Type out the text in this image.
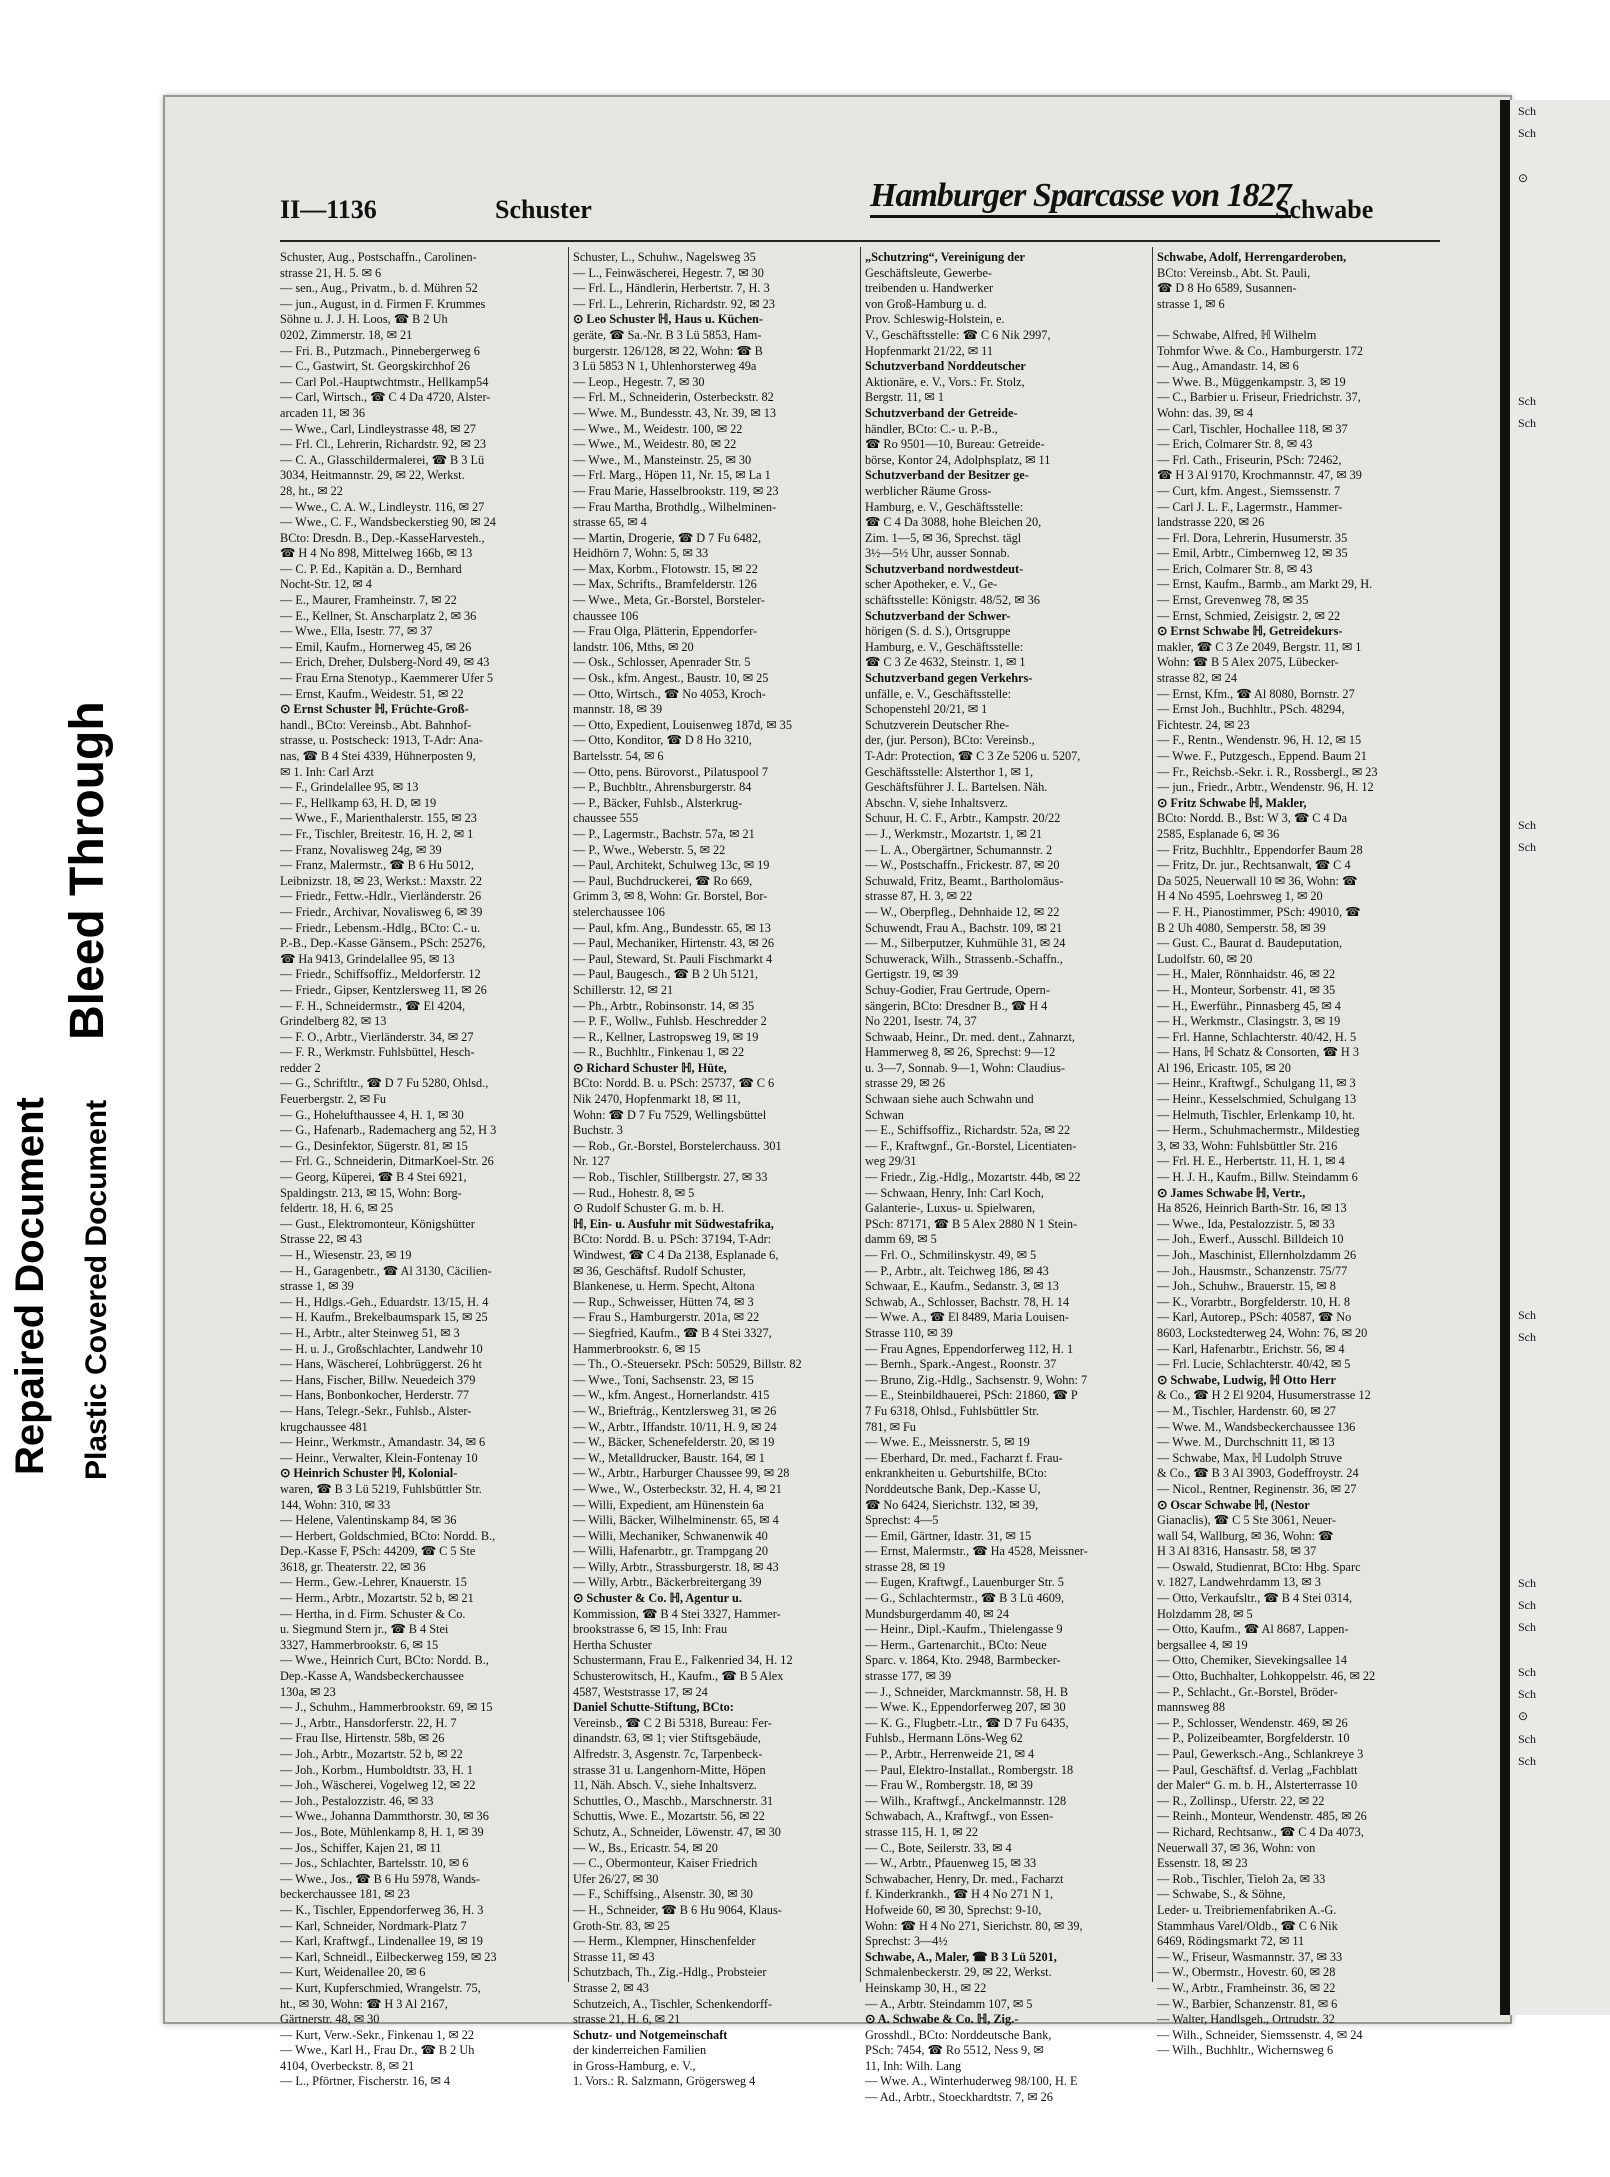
Repaired Document Plastic Covered Document
Bleed Through
II—1136	Schuster	Hamburger Sparcasse von 1827
Schwabe
Schuster, Aug., Postschaffn., Carolinen-
strasse 21, H. 5. ✉ 6
— sen., Aug., Privatm., b. d. Mühren 52
— jun., August, in d. Firmen F. Krummes
Söhne u. J. J. H. Loos, ☎ B 2 Uh
0202, Zimmerstr. 18, ✉ 21
— Fri. B., Putzmach., Pinnebergerweg 6
— C., Gastwirt, St. Georgskirchhof 26
— Carl Pol.-Hauptwchtmstr., Hellkamp54
— Carl, Wirtsch., ☎ C 4 Da 4720, Alster-
arcaden 11, ✉ 36
— Wwe., Carl, Lindleystrasse 48, ✉ 27
— Frl. Cl., Lehrerin, Richardstr. 92, ✉ 23
— C. A., Glasschildermalerei, ☎ B 3 Lü
3034, Heitmannstr. 29, ✉ 22, Werkst.
28, ht., ✉ 22
— Wwe., C. A. W., Lindleystr. 116, ✉ 27
— Wwe., C. F., Wandsbeckerstieg 90, ✉ 24
BCto: Dresdn. B., Dep.-KasseHarvesteh.,
☎ H 4 No 898, Mittelweg 166b, ✉ 13
— C. P. Ed., Kapitän a. D., Bernhard
Nocht-Str. 12, ✉ 4
— E., Maurer, Framheinstr. 7, ✉ 22
— E., Kellner, St. Anscharplatz 2, ✉ 36
— Wwe., Ella, Isestr. 77, ✉ 37
— Emil, Kaufm., Hornerweg 45, ✉ 26
— Erich, Dreher, Dulsberg-Nord 49, ✉ 43
— Frau Erna Stenotyp., Kaemmerer Ufer 5
— Ernst, Kaufm., Weidestr. 51, ✉ 22
⊙ Ernst Schuster ℍ, Früchte-Groß-
handl., BCto: Vereinsb., Abt. Bahnhof-
strasse, u. Postscheck: 1913, T-Adr: Ana-
nas, ☎ B 4 Stei 4339, Hühnerposten 9,
✉ 1. Inh: Carl Arzt
— F., Grindelallee 95, ✉ 13
— F., Hellkamp 63, H. D, ✉ 19
— Wwe., F., Marienthalerstr. 155, ✉ 23
— Fr., Tischler, Breitestr. 16, H. 2, ✉ 1
— Franz, Novalisweg 24g, ✉ 39
— Franz, Malermstr., ☎ B 6 Hu 5012,
Leibnizstr. 18, ✉ 23, Werkst.: Maxstr. 22
— Friedr., Fettw.-Hdlr., Vierländerstr. 26
— Friedr., Archivar, Novalisweg 6, ✉ 39
— Friedr., Lebensm.-Hdlg., BCto: C.- u.
P.-B., Dep.-Kasse Gänsem., PSch: 25276,
☎ Ha 9413, Grindelallee 95, ✉ 13
— Friedr., Schiffsoffiz., Meldorferstr. 12
— Friedr., Gipser, Kentzlersweg 11, ✉ 26
— F. H., Schneidermstr., ☎ El 4204,
Grindelberg 82, ✉ 13
— F. O., Arbtr., Vierländerstr. 34, ✉ 27
— F. R., Werkmstr. Fuhlsbüttel, Hesch-
redder 2
— G., Schriftltr., ☎ D 7 Fu 5280, Ohlsd.,
Feuerbergstr. 2, ✉ Fu
— G., Hohelufthaussee 4, H. 1, ✉ 30
— G., Hafenarb., Rademacherg ang 52, H 3
— G., Desinfektor, Sügerstr. 81, ✉ 15
— Frl. G., Schneiderin, DitmarKoel-Str. 26
— Georg, Küperei, ☎ B 4 Stei 6921,
Spaldingstr. 213, ✉ 15, Wohn: Borg-
feldertr. 18, H. 6, ✉ 25
— Gust., Elektromonteur, Königshütter
Strasse 22, ✉ 43
— H., Wiesenstr. 23, ✉ 19
— H., Garagenbetr., ☎ Al 3130, Cäcilien-
strasse 1, ✉ 39
— H., Hdlgs.-Geh., Eduardstr. 13/15, H. 4
— H. Kaufm., Brekelbaumspark 15, ✉ 25
— H., Arbtr., alter Steinweg 51, ✉ 3
— H. u. J., Großschlachter, Landwehr 10
— Hans, Wäschereí, Lohbrüggerst. 26 ht
— Hans, Fischer, Billw. Neuedeich 379
— Hans, Bonbonkocher, Herderstr. 77
— Hans, Telegr.-Sekr., Fuhlsb., Alster-
krugchaussee 481
— Heinr., Werkmstr., Amandastr. 34, ✉ 6
— Heinr., Verwalter, Klein-Fontenay 10
⊙ Heinrich Schuster ℍ, Kolonial-
waren, ☎ B 3 Lü 5219, Fuhlsbüttler Str.
144, Wohn: 310, ✉ 33
— Helene, Valentinskamp 84, ✉ 36
— Herbert, Goldschmied, BCto: Nordd. B.,
Dep.-Kasse F, PSch: 44209, ☎ C 5 Ste
3618, gr. Theaterstr. 22, ✉ 36
— Herm., Gew.-Lehrer, Knauerstr. 15
— Herm., Arbtr., Mozartstr. 52 b, ✉ 21
— Hertha, in d. Firm. Schuster & Co.
u. Siegmund Stern jr., ☎ B 4 Stei
3327, Hammerbrookstr. 6, ✉ 15
— Wwe., Heinrich Curt, BCto: Nordd. B.,
Dep.-Kasse A, Wandsbeckerchaussee
130a, ✉ 23
— J., Schuhm., Hammerbrookstr. 69, ✉ 15
— J., Arbtr., Hansdorferstr. 22, H. 7
— Frau Ilse, Hirtenstr. 58b, ✉ 26
— Joh., Arbtr., Mozartstr. 52 b, ✉ 22
— Joh., Korbm., Humboldtstr. 33, H. 1
— Joh., Wäscherei, Vogelweg 12, ✉ 22
— Joh., Pestalozzistr. 46, ✉ 33
— Wwe., Johanna Dammthorstr. 30, ✉ 36
— Jos., Bote, Mühlenkamp 8, H. 1, ✉ 39
— Jos., Schiffer, Kajen 21, ✉ 11
— Jos., Schlachter, Bartelsstr. 10, ✉ 6
— Wwe., Jos., ☎ B 6 Hu 5978, Wands-
beckerchaussee 181, ✉ 23
— K., Tischler, Eppendorferweg 36, H. 3
— Karl, Schneider, Nordmark-Platz 7
— Karl, Kraftwgf., Lindenallee 19, ✉ 19
— Karl, Schneidl., Eilbeckerweg 159, ✉ 23
— Kurt, Weidenallee 20, ✉ 6
— Kurt, Kupferschmied, Wrangelstr. 75,
ht., ✉ 30, Wohn: ☎ H 3 Al 2167,
Gärtnerstr. 48, ✉ 30
— Kurt, Verw.-Sekr., Finkenau 1, ✉ 22
— Wwe., Karl H., Frau Dr., ☎ B 2 Uh
4104, Overbeckstr. 8, ✉ 21
— L., Pförtner, Fischerstr. 16, ✉ 4
Schuster, L., Schuhw., Nagelsweg 35
— L., Feinwäscherei, Hegestr. 7, ✉ 30
— Frl. L., Händlerin, Herbertstr. 7, H. 3
— Frl. L., Lehrerin, Richardstr. 92, ✉ 23
⊙ Leo Schuster ℍ, Haus u. Küchen-
geräte, ☎ Sa.-Nr. B 3 Lü 5853, Ham-
burgerstr. 126/128, ✉ 22, Wohn: ☎ B
3 Lü 5853 N 1, Uhlenhorsterweg 49a
— Leop., Hegestr. 7, ✉ 30
— Frl. M., Schneiderin, Osterbeckstr. 82
— Wwe. M., Bundesstr. 43, Nr. 39, ✉ 13
— Wwe., M., Weidestr. 100, ✉ 22
— Wwe., M., Weidestr. 80, ✉ 22
— Wwe., M., Mansteinstr. 25, ✉ 30
— Frl. Marg., Höpen 11, Nr. 15, ✉ La 1
— Frau Marie, Hasselbrookstr. 119, ✉ 23
— Frau Martha, Brothdlg., Wilhelminen-
strasse 65, ✉ 4
— Martin, Drogerie, ☎ D 7 Fu 6482,
Heidhörn 7, Wohn: 5, ✉ 33
— Max, Korbm., Flotowstr. 15, ✉ 22
— Max, Schrifts., Bramfelderstr. 126
— Wwe., Meta, Gr.-Borstel, Borsteler-
chaussee 106
— Frau Olga, Plätterin, Eppendorfer-
landstr. 106, Mths, ✉ 20
— Osk., Schlosser, Apenrader Str. 5
— Osk., kfm. Angest., Baustr. 10, ✉ 25
— Otto, Wirtsch., ☎ No 4053, Kroch-
mannstr. 18, ✉ 39
— Otto, Expedient, Louisenweg 187d, ✉ 35
— Otto, Konditor, ☎ D 8 Ho 3210,
Bartelsstr. 54, ✉ 6
— Otto, pens. Bürovorst., Pilatuspool 7
— P., Buchbltr., Ahrensburgerstr. 84
— P., Bäcker, Fuhlsb., Alsterkrug-
chaussee 555
— P., Lagermstr., Bachstr. 57a, ✉ 21
— P., Wwe., Weberstr. 5, ✉ 22
— Paul, Architekt, Schulweg 13c, ✉ 19
— Paul, Buchdruckerei, ☎ Ro 669,
Grimm 3, ✉ 8, Wohn: Gr. Borstel, Bor-
stelerchaussee 106
— Paul, kfm. Ang., Bundesstr. 65, ✉ 13
— Paul, Mechaniker, Hirtenstr. 43, ✉ 26
— Paul, Steward, St. Pauli Fischmarkt 4
— Paul, Baugesch., ☎ B 2 Uh 5121,
Schillerstr. 12, ✉ 21
— Ph., Arbtr., Robinsonstr. 14, ✉ 35
— P. F., Wollw., Fuhlsb. Heschredder 2
— R., Kellner, Lastropsweg 19, ✉ 19
— R., Buchhltr., Finkenau 1, ✉ 22
⊙ Richard Schuster ℍ, Hüte,
BCto: Nordd. B. u. PSch: 25737, ☎ C 6
Nik 2470, Hopfenmarkt 18, ✉ 11,
Wohn: ☎ D 7 Fu 7529, Wellingsbüttel
Buchstr. 3
— Rob., Gr.-Borstel, Borstelerchauss. 301
Nr. 127
— Rob., Tischler, Stillbergstr. 27, ✉ 33
— Rud., Hohestr. 8, ✉ 5
⊙ Rudolf Schuster G. m. b. H.
ℍ, Ein- u. Ausfuhr mit Südwestafrika,
BCto: Nordd. B. u. PSch: 37194, T-Adr:
Windwest, ☎ C 4 Da 2138, Esplanade 6,
✉ 36, Geschäftsf. Rudolf Schuster,
Blankenese, u. Herm. Specht, Altona
— Rup., Schweisser, Hütten 74, ✉ 3
— Frau S., Hamburgerstr. 201a, ✉ 22
— Siegfried, Kaufm., ☎ B 4 Stei 3327,
Hammerbrookstr. 6, ✉ 15
— Th., O.-Steuersekr. PSch: 50529, Billstr. 82
— Wwe., Toni, Sachsenstr. 23, ✉ 15
— W., kfm. Angest., Hornerlandstr. 415
— W., Brieftrág., Kentzlersweg 31, ✉ 26
— W., Arbtr., Iffandstr. 10/11, H. 9, ✉ 24
— W., Bäcker, Schenefelderstr. 20, ✉ 19
— W., Metalldrucker, Baustr. 164, ✉ 1
— W., Arbtr., Harburger Chaussee 99, ✉ 28
— Wwe., W., Osterbeckstr. 32, H. 4, ✉ 21
— Willi, Expedient, am Hünenstein 6a
— Willi, Bäcker, Wilhelminenstr. 65, ✉ 4
— Willi, Mechaniker, Schwanenwik 40
— Willi, Hafenarbtr., gr. Trampgang 20
— Willy, Arbtr., Strassburgerstr. 18, ✉ 43
— Willy, Arbtr., Bäckerbreitergang 39
⊙ Schuster & Co. ℍ, Agentur u.
Kommission, ☎ B 4 Stei 3327, Hammer-
brookstrasse 6, ✉ 15, Inh: Frau
Hertha Schuster
Schustermann, Frau E., Falkenried 34, H. 12
Schusterowitsch, H., Kaufm., ☎ B 5 Alex
4587, Weststrasse 17, ✉ 24
Daniel Schutte-Stiftung, BCto:
Vereinsb., ☎ C 2 Bi 5318, Bureau: Fer-
dinandstr. 63, ✉ 1; vier Stiftsgebäude,
Alfredstr. 3, Asgenstr. 7c, Tarpenbeck-
strasse 31 u. Langenhorn-Mitte, Höpen
11, Näh. Absch. V., siehe Inhaltsverz.
Schuttles, O., Maschb., Marschnerstr. 31
Schuttis, Wwe. E., Mozartstr. 56, ✉ 22
Schutz, A., Schneider, Löwenstr. 47, ✉ 30
— W., Bs., Ericastr. 54, ✉ 20
— C., Obermonteur, Kaiser Friedrich
Ufer 26/27, ✉ 30
— F., Schiffsing., Alsenstr. 30, ✉ 30
— H., Schneider, ☎ B 6 Hu 9064, Klaus-
Groth-Str. 83, ✉ 25
— Herm., Klempner, Hinschenfelder
Strasse 11, ✉ 43
Schutzbach, Th., Zig.-Hdlg., Probsteier
Strasse 2, ✉ 43
Schutzeich, A., Tischler, Schenkendorff-
strasse 21, H. 6, ✉ 21
Schutz- und Notgemeinschaft
der kinderreichen Familien
in Gross-Hamburg, e. V.,
1. Vors.: R. Salzmann, Grögersweg 4
„Schutzring“, Vereinigung der
Geschäftsleute, Gewerbe-
treibenden u. Handwerker
von Groß-Hamburg u. d.
Prov. Schleswig-Holstein, e.
V., Geschäftsstelle: ☎ C 6 Nik 2997,
Hopfenmarkt 21/22, ✉ 11
Schutzverband Norddeutscher
Aktionäre, e. V., Vors.: Fr. Stolz,
Bergstr. 11, ✉ 1
Schutzverband der Getreide-
händler, BCto: C.- u. P.-B.,
☎ Ro 9501—10, Bureau: Getreide-
börse, Kontor 24, Adolphsplatz, ✉ 11
Schutzverband der Besitzer ge-
werblicher Räume Gross-
Hamburg, e. V., Geschäftsstelle:
☎ C 4 Da 3088, hohe Bleichen 20,
Zim. 1—5, ✉ 36, Sprechst. tägl
3½—5½ Uhr, ausser Sonnab.
Schutzverband nordwestdeut-
scher Apotheker, e. V., Ge-
schäftsstelle: Königstr. 48/52, ✉ 36
Schutzverband der Schwer-
hörigen (S. d. S.), Ortsgruppe
Hamburg, e. V., Geschäftsstelle:
☎ C 3 Ze 4632, Steinstr. 1, ✉ 1
Schutzverband gegen Verkehrs-
unfälle, e. V., Geschäftsstelle:
Schopenstehl 20/21, ✉ 1
Schutzverein Deutscher Rhe-
der, (jur. Person), BCto: Vereinsb.,
T-Adr: Protection, ☎ C 3 Ze 5206 u. 5207,
Geschäftsstelle: Alsterthor 1, ✉ 1,
Geschäftsführer J. L. Bartelsen. Näh.
Abschn. V, siehe Inhaltsverz.
Schuur, H. C. F., Arbtr., Kampstr. 20/22
— J., Werkmstr., Mozartstr. 1, ✉ 21
— L. A., Obergärtner, Schumannstr. 2
— W., Postschaffn., Frickestr. 87, ✉ 20
Schuwald, Fritz, Beamt., Bartholomäus-
strasse 87, H. 3, ✉ 22
— W., Oberpfleg., Dehnhaide 12, ✉ 22
Schuwendt, Frau A., Bachstr. 109, ✉ 21
— M., Silberputzer, Kuhmühle 31, ✉ 24
Schuwerack, Wilh., Strassenb.-Schaffn.,
Gertigstr. 19, ✉ 39
Schuy-Godier, Frau Gertrude, Opern-
sängerin, BCto: Dresdner B., ☎ H 4
No 2201, Isestr. 74, 37
Schwaab, Heinr., Dr. med. dent., Zahnarzt,
Hammerweg 8, ✉ 26, Sprechst: 9—12
u. 3—7, Sonnab. 9—1, Wohn: Claudius-
strasse 29, ✉ 26
Schwaan siehe auch Schwahn und
Schwan
— E., Schiffsoffiz., Richardstr. 52a, ✉ 22
— F., Kraftwgnf., Gr.-Borstel, Licentiaten-
weg 29/31
— Friedr., Zig.-Hdlg., Mozartstr. 44b, ✉ 22
— Schwaan, Henry, Inh: Carl Koch,
Galanterie-, Luxus- u. Spielwaren,
PSch: 87171, ☎ B 5 Alex 2880 N 1 Stein-
damm 69, ✉ 5
— Frl. O., Schmilinskystr. 49, ✉ 5
— P., Arbtr., alt. Teichweg 186, ✉ 43
Schwaar, E., Kaufm., Sedanstr. 3, ✉ 13
Schwab, A., Schlosser, Bachstr. 78, H. 14
— Wwe. A., ☎ El 8489, Maria Louisen-
Strasse 110, ✉ 39
— Frau Agnes, Eppendorferweg 112, H. 1
— Bernh., Spark.-Angest., Roonstr. 37
— Bruno, Zig.-Hdlg., Sachsenstr. 9, Wohn: 7
— E., Steinbildhauerei, PSch: 21860, ☎ P
7 Fu 6318, Ohlsd., Fuhlsbüttler Str.
781, ✉ Fu
— Wwe. E., Meissnerstr. 5, ✉ 19
— Eberhard, Dr. med., Facharzt f. Frau-
enkrankheiten u. Geburtshilfe, BCto:
Norddeutsche Bank, Dep.-Kasse U,
☎ No 6424, Sierichstr. 132, ✉ 39,
Sprechst: 4—5
— Emil, Gärtner, Idastr. 31, ✉ 15
— Ernst, Malermstr., ☎ Ha 4528, Meissner-
strasse 28, ✉ 19
— Eugen, Kraftwgf., Lauenburger Str. 5
— G., Schlachtermstr., ☎ B 3 Lü 4609,
Mundsburgerdamm 40, ✉ 24
— Heinr., Dipl.-Kaufm., Thielengasse 9
— Herm., Gartenarchit., BCto: Neue
Sparc. v. 1864, Kto. 2948, Barmbecker-
strasse 177, ✉ 39
— J., Schneider, Marckmannstr. 58, H. B
— Wwe. K., Eppendorferweg 207, ✉ 30
— K. G., Flugbetr.-Ltr., ☎ D 7 Fu 6435,
Fuhlsb., Hermann Löns-Weg 62
— P., Arbtr., Herrenweide 21, ✉ 4
— Paul, Elektro-Installat., Rombergstr. 18
— Frau W., Rombergstr. 18, ✉ 39
— Wilh., Kraftwgf., Anckelmannstr. 128
Schwabach, A., Kraftwgf., von Essen-
strasse 115, H. 1, ✉ 22
— C., Bote, Seilerstr. 33, ✉ 4
— W., Arbtr., Pfauenweg 15, ✉ 33
Schwabacher, Henry, Dr. med., Facharzt
f. Kinderkrankh., ☎ H 4 No 271 N 1,
Hofweide 60, ✉ 30, Sprechst: 9-10,
Wohn: ☎ H 4 No 271, Sierichstr. 80, ✉ 39,
Sprechst: 3—4½
Schwabe, A., Maler, ☎ B 3 Lü 5201,
Schmalenbeckerstr. 29, ✉ 22, Werkst.
Heinskamp 30, H., ✉ 22
— A., Arbtr. Steindamm 107, ✉ 5
⊙ A. Schwabe & Co. ℍ, Zig.-
Grosshdl., BCto: Norddeutsche Bank,
PSch: 7454, ☎ Ro 5512, Ness 9, ✉
11, Inh: Wilh. Lang
— Wwe. A., Winterhuderweg 98/100, H. E
— Ad., Arbtr., Stoeckhardtstr. 7, ✉ 26
Schwabe, Adolf, Herrengarderoben,
BCto: Vereinsb., Abt. St. Pauli,
☎ D 8 Ho 6589, Susannen-
strasse 1, ✉ 6
— Schwabe, Alfred, ℍ Wilhelm
Tohmfor Wwe. & Co., Hamburgerstr. 172
— Aug., Amandastr. 14, ✉ 6
— Wwe. B., Müggenkampstr. 3, ✉ 19
— C., Barbier u. Friseur, Friedrichstr. 37,
Wohn: das. 39, ✉ 4
— Carl, Tischler, Hochallee 118, ✉ 37
— Erich, Colmarer Str. 8, ✉ 43
— Frl. Cath., Friseurin, PSch: 72462,
☎ H 3 Al 9170, Krochmannstr. 47, ✉ 39
— Curt, kfm. Angest., Siemssenstr. 7
— Carl J. L. F., Lagermstr., Hammer-
landstrasse 220, ✉ 26
— Frl. Dora, Lehrerin, Husumerstr. 35
— Emil, Arbtr., Cimbernweg 12, ✉ 35
— Erich, Colmarer Str. 8, ✉ 43
— Ernst, Kaufm., Barmb., am Markt 29, H.
— Ernst, Grevenweg 78, ✉ 35
— Ernst, Schmied, Zeisigstr. 2, ✉ 22
⊙ Ernst Schwabe ℍ, Getreidekurs-
makler, ☎ C 3 Ze 2049, Bergstr. 11, ✉ 1
Wohn: ☎ B 5 Alex 2075, Lübecker-
strasse 82, ✉ 24
— Ernst, Kfm., ☎ Al 8080, Bornstr. 27
— Ernst Joh., Buchhltr., PSch. 48294,
Fichtestr. 24, ✉ 23
— F., Rentn., Wendenstr. 96, H. 12, ✉ 15
— Wwe. F., Putzgesch., Eppend. Baum 21
— Fr., Reichsb.-Sekr. i. R., Rossbergl., ✉ 23
— jun., Friedr., Arbtr., Wendenstr. 96, H. 12
⊙ Fritz Schwabe ℍ, Makler,
BCto: Nordd. B., Bst: W 3, ☎ C 4 Da
2585, Esplanade 6, ✉ 36
— Fritz, Buchhltr., Eppendorfer Baum 28
— Fritz, Dr. jur., Rechtsanwalt, ☎ C 4
Da 5025, Neuerwall 10 ✉ 36, Wohn: ☎
H 4 No 4595, Loehrsweg 1, ✉ 20
— F. H., Pianostimmer, PSch: 49010, ☎
B 2 Uh 4080, Semperstr. 58, ✉ 39
— Gust. C., Baurat d. Baudeputation,
Ludolfstr. 60, ✉ 20
— H., Maler, Rönnhaidstr. 46, ✉ 22
— H., Monteur, Sorbenstr. 41, ✉ 35
— H., Ewerführ., Pinnasberg 45, ✉ 4
— H., Werkmstr., Clasingstr. 3, ✉ 19
— Frl. Hanne, Schlachterstr. 40/42, H. 5
— Hans, ℍ Schatz & Consorten, ☎ H 3
Al 196, Ericastr. 105, ✉ 20
— Heinr., Kraftwgf., Schulgang 11, ✉ 3
— Heinr., Kesselschmied, Schulgang 13
— Helmuth, Tischler, Erlenkamp 10, ht.
— Herm., Schuhmachermstr., Mildestieg
3, ✉ 33, Wohn: Fuhlsbüttler Str. 216
— Frl. H. E., Herbertstr. 11, H. 1, ✉ 4
— H. J. H., Kaufm., Billw. Steindamm 6
⊙ James Schwabe ℍ, Vertr.,
Ha 8526, Heinrich Barth-Str. 16, ✉ 13
— Wwe., Ida, Pestalozzistr. 5, ✉ 33
— Joh., Ewerf., Ausschl. Billdeich 10
— Joh., Maschinist, Ellernholzdamm 26
— Joh., Hausmstr., Schanzenstr. 75/77
— Joh., Schuhw., Brauerstr. 15, ✉ 8
— K., Vorarbtr., Borgfelderstr. 10, H. 8
— Karl, Autorep., PSch: 40587, ☎ No
8603, Lockstedterweg 24, Wohn: 76, ✉ 20
— Karl, Hafenarbtr., Erichstr. 56, ✉ 4
— Frl. Lucie, Schlachterstr. 40/42, ✉ 5
⊙ Schwabe, Ludwig, ℍ Otto Herr
& Co., ☎ H 2 El 9204, Husumerstrasse 12
— M., Tischler, Hardenstr. 60, ✉ 27
— Wwe. M., Wandsbeckerchaussee 136
— Wwe. M., Durchschnitt 11, ✉ 13
— Schwabe, Max, ℍ Ludolph Struve
& Co., ☎ B 3 Al 3903, Godeffroystr. 24
— Nicol., Rentner, Reginenstr. 36, ✉ 27
⊙ Oscar Schwabe ℍ, (Nestor
Gianaclis), ☎ C 5 Ste 3061, Neuer-
wall 54, Wallburg, ✉ 36, Wohn: ☎
H 3 Al 8316, Hansastr. 58, ✉ 37
— Oswald, Studienrat, BCto: Hbg. Sparc
v. 1827, Landwehrdamm 13, ✉ 3
— Otto, Verkaufsltr., ☎ B 4 Stei 0314,
Holzdamm 28, ✉ 5
— Otto, Kaufm., ☎ Al 8687, Lappen-
bergsallee 4, ✉ 19
— Otto, Chemiker, Sievekingsallee 14
— Otto, Buchhalter, Lohkoppelstr. 46, ✉ 22
— P., Schlacht., Gr.-Borstel, Bröder-
mannsweg 88
— P., Schlosser, Wendenstr. 469, ✉ 26
— P., Polizeibeamter, Borgfelderstr. 10
— Paul, Gewerksch.-Ang., Schlankreye 3
— Paul, Geschäftsf. d. Verlag „Fachblatt
der Maler“ G. m. b. H., Alsterterrasse 10
— R., Zollinsp., Uferstr. 22, ✉ 22
— Reinh., Monteur, Wendenstr. 485, ✉ 26
— Richard, Rechtsanw., ☎ C 4 Da 4073,
Neuerwall 37, ✉ 36, Wohn: von
Essenstr. 18, ✉ 23
— Rob., Tischler, Tieloh 2a, ✉ 33
— Schwabe, S., & Söhne,
Leder- u. Treibriemenfabriken A.-G.
Stammhaus Varel/Oldb., ☎ C 6 Nik
6469, Rödingsmarkt 72, ✉ 11
— W., Friseur, Wasmannstr. 37, ✉ 33
— W., Obermstr., Hovestr. 60, ✉ 28
— W., Arbtr., Framheinstr. 36, ✉ 22
— W., Barbier, Schanzenstr. 81, ✉ 6
— Walter, Handlsgeh., Ortrudstr. 32
— Wilh., Schneider, Siemssenstr. 4, ✉ 24
— Wilh., Buchhltr., Wichernsweg 6
Sch
Sch
⊙
Sch
Sch
Sch
Sch
Sch
Sch
Sch
Sch
Sch
Sch
Sch
⊙
Sch
Sch
